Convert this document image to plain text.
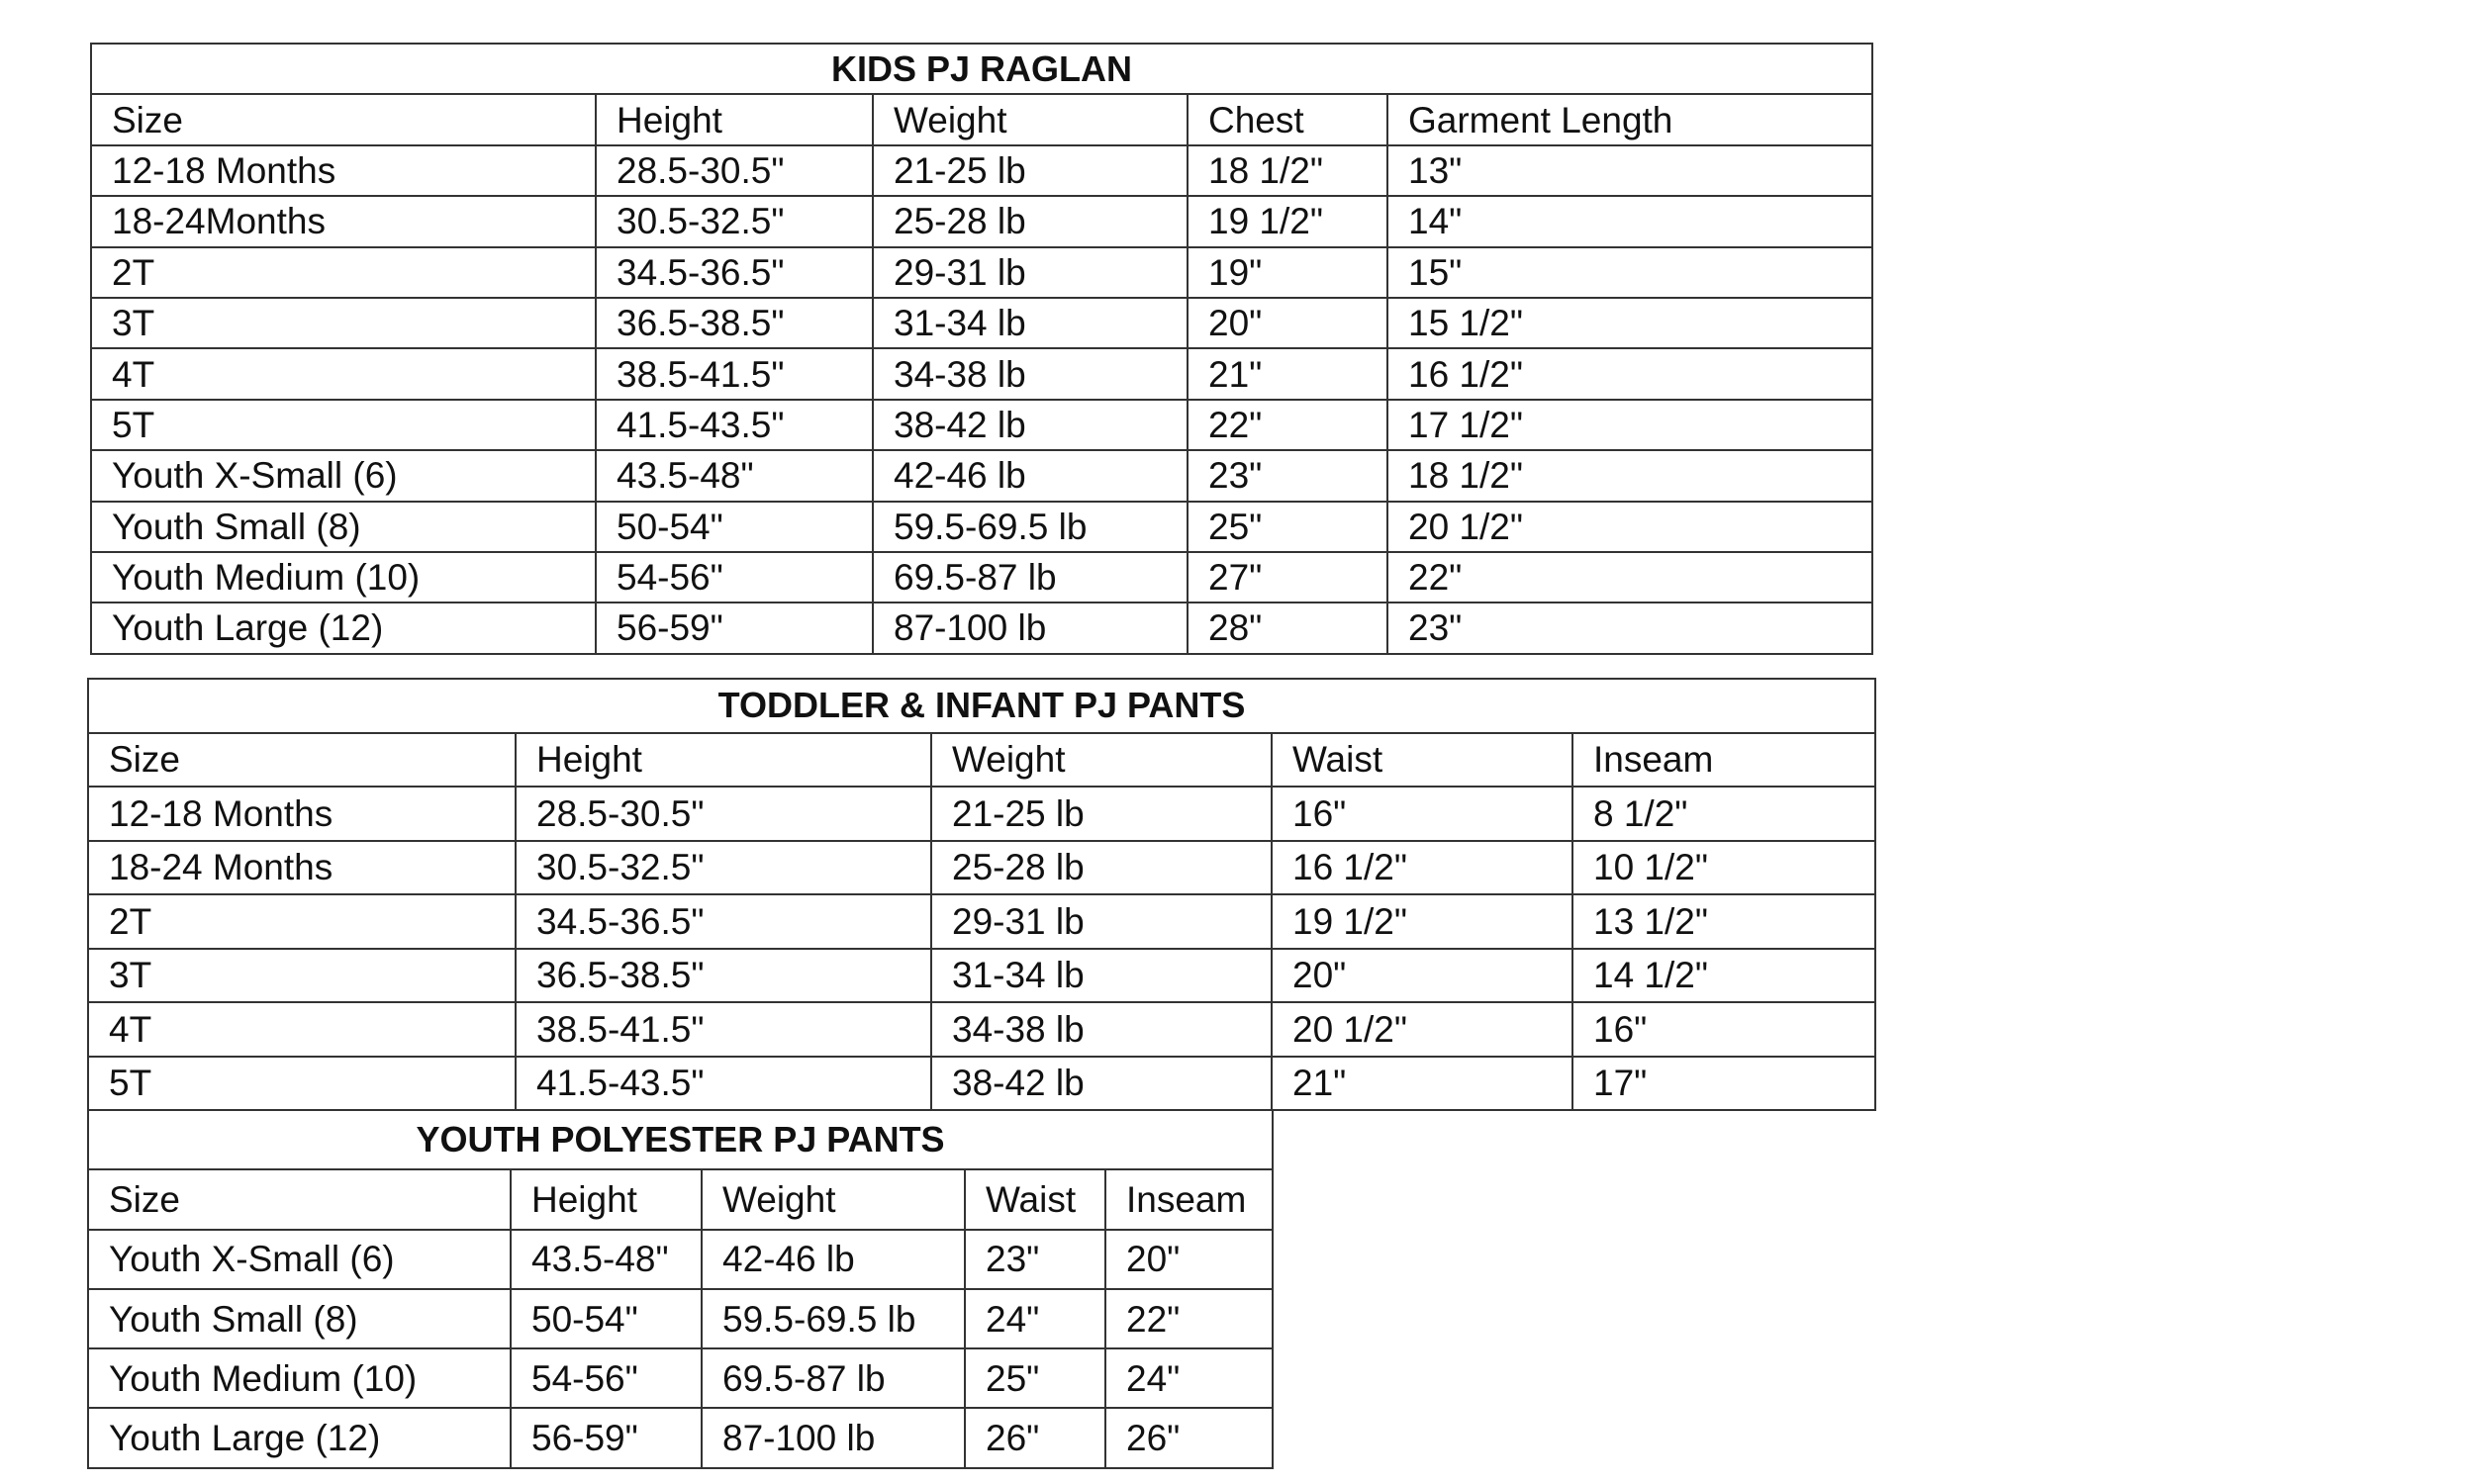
KIDS PJ RAGLAN				
Size	Height	Weight	Chest	Garment Length
12-18 Months	28.5-30.5"	21-25 lb	18 1/2"	13"
18-24Months	30.5-32.5"	25-28 lb	19 1/2"	14"
2T	34.5-36.5"	29-31 lb	19"	15"
3T	36.5-38.5"	31-34 lb	20"	15 1/2"
4T	38.5-41.5"	34-38 lb	21"	16 1/2"
5T	41.5-43.5"	38-42 lb	22"	17 1/2"
Youth X-Small (6)	43.5-48"	42-46 lb	23"	18 1/2"
Youth Small (8)	50-54"	59.5-69.5 lb	25"	20 1/2"
Youth Medium (10)	54-56"	69.5-87 lb	27"	22"
Youth Large (12)	56-59"	87-100 lb	28"	23"
TODDLER & INFANT PJ PANTS				
Size	Height	Weight	Waist	Inseam
12-18 Months	28.5-30.5"	21-25 lb	16"	8 1/2"
18-24 Months	30.5-32.5"	25-28 lb	16 1/2"	10 1/2"
2T	34.5-36.5"	29-31 lb	19 1/2"	13 1/2"
3T	36.5-38.5"	31-34 lb	20"	14 1/2"
4T	38.5-41.5"	34-38 lb	20 1/2"	16"
5T	41.5-43.5"	38-42 lb	21"	17"
YOUTH POLYESTER PJ PANTS				
Size	Height	Weight	Waist	Inseam
Youth X-Small (6)	43.5-48"	42-46 lb	23"	20"
Youth Small (8)	50-54"	59.5-69.5 lb	24"	22"
Youth Medium (10)	54-56"	69.5-87 lb	25"	24"
Youth Large (12)	56-59"	87-100 lb	26"	26"
